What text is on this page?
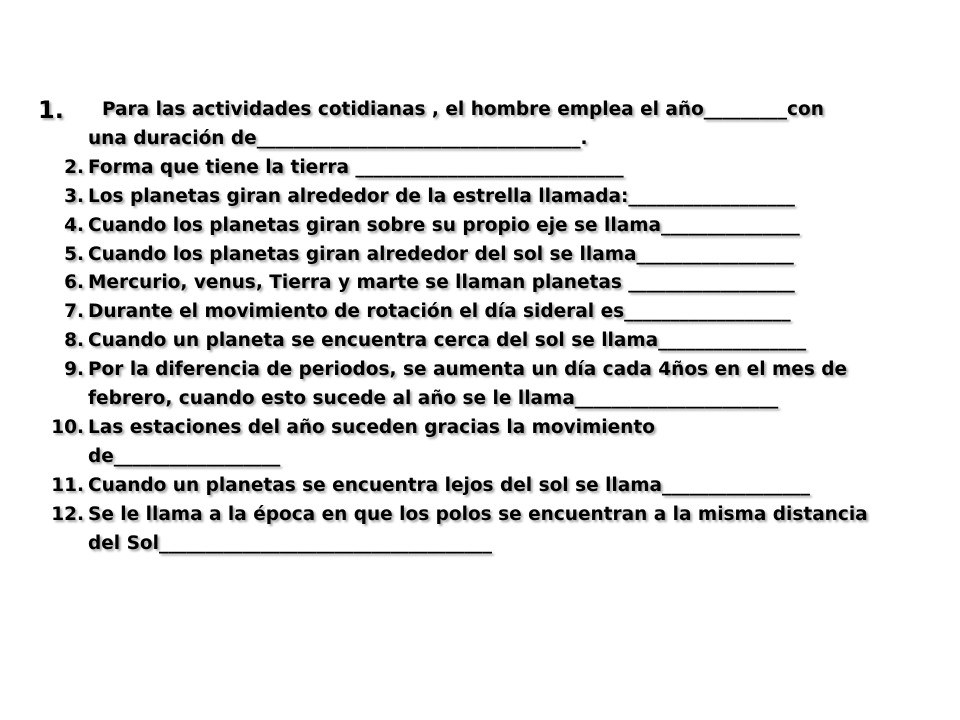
1.	Para las actividades cotidianas , el hombre emplea el año_________con
una duración de___________________________________.
2. Forma que tiene la tierra _____________________________
3. Los planetas giran alrededor de la estrella llamada:__________________
4. Cuando los planetas giran sobre su propio eje se llama_______________
5. Cuando los planetas giran alrededor del sol se llama_________________
6. Mercurio, venus, Tierra y marte se llaman planetas __________________
7. Durante el movimiento de rotación el día sideral es__________________
8. Cuando un planeta se encuentra cerca del sol se llama________________
9. Por la diferencia de periodos, se aumenta un día cada 4ños en el mes de
febrero, cuando esto sucede al año se le llama______________________
10. Las estaciones del año suceden gracias la movimiento
de__________________
11. Cuando un planetas se encuentra lejos del sol se llama________________
12. Se le llama a la época en que los polos se encuentran a la misma distancia
del Sol____________________________________
